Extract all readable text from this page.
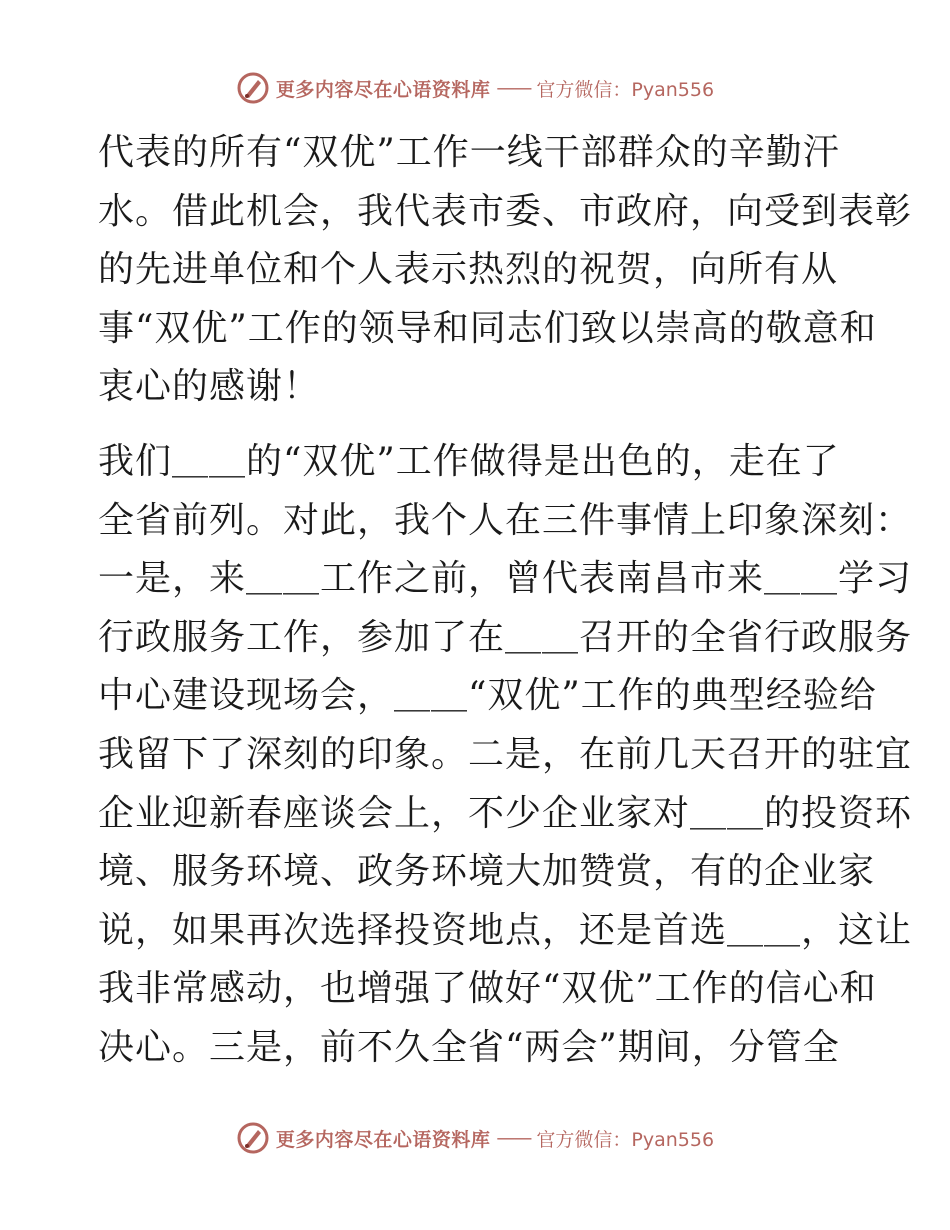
更多内容尽在心语资料库 —— 官方微信：Pyan556

代表的所有“双优”工作一线干部群众的辛勤汗
水。借此机会，我代表市委、市政府，向受到表彰
的先进单位和个人表示热烈的祝贺，向所有从
事“双优”工作的领导和同志们致以崇高的敬意和
衷心的感谢！

我们＿＿的“双优”工作做得是出色的，走在了
全省前列。对此，我个人在三件事情上印象深刻：
一是，来＿＿工作之前，曾代表南昌市来＿＿学习
行政服务工作，参加了在＿＿召开的全省行政服务
中心建设现场会，＿＿“双优”工作的典型经验给
我留下了深刻的印象。二是，在前几天召开的驻宜
企业迎新春座谈会上，不少企业家对＿＿的投资环
境、服务环境、政务环境大加赞赏，有的企业家
说，如果再次选择投资地点，还是首选＿＿，这让
我非常感动，也增强了做好“双优”工作的信心和
决心。三是，前不久全省“两会”期间，分管全

更多内容尽在心语资料库 —— 官方微信：Pyan556
